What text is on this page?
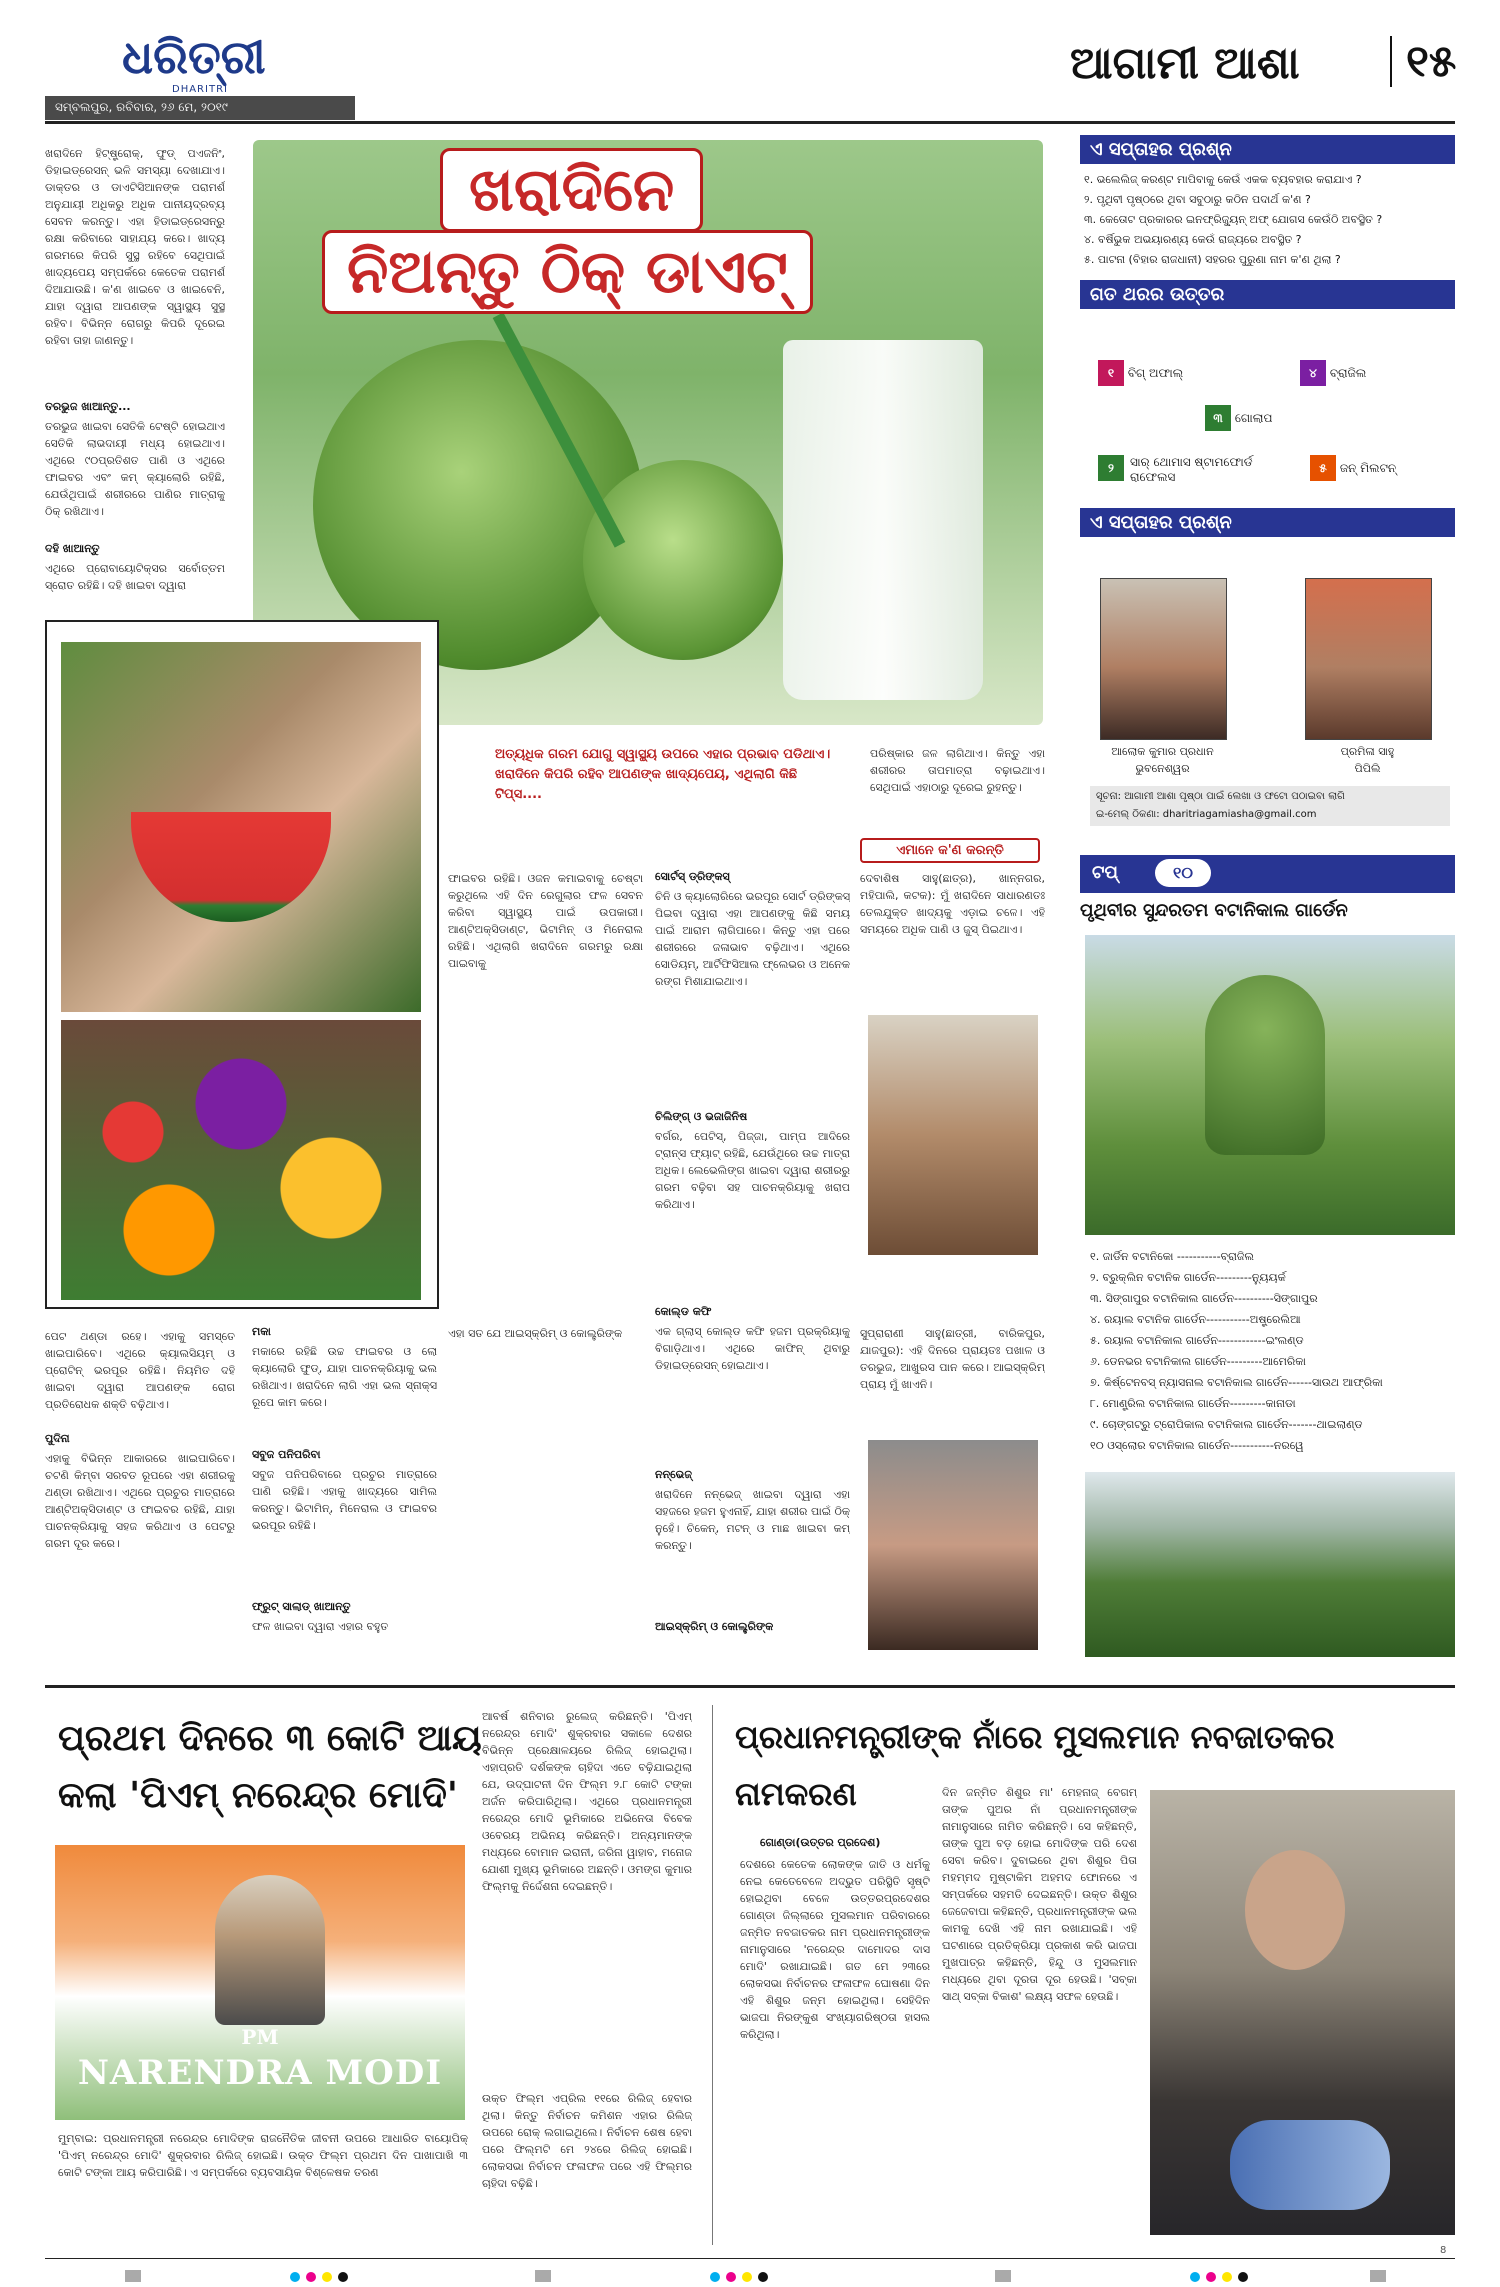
ଧରିତ୍ରୀ
DHARITRI
ସମ୍ବଲପୁର, ରବିବାର, ୨୬ ମେ, ୨୦୧୯
ଆଗାମୀ ଆଶା	୧୫
ଖରାଦିନେ
ନିଅନ୍ତୁ ଠିକ୍ ଡାଏଟ୍
ଖରାଦିନେ ହିଟ୍‌ଷ୍ଟ୍ରୋକ୍, ଫୁଡ୍ ପଏଜନିଂ, ଡିହାଇଡ୍ରେସନ୍ ଭଳି ସମସ୍ୟା ଦେଖାଯାଏ। ଡାକ୍ତର ଓ ଡାଏଟିସିଆନଙ୍କ ପରାମର୍ଶ ଅନୁଯାୟୀ ଅଧିକରୁ ଅଧିକ ପାନୀୟଦ୍ରବ୍ୟ ସେବନ କରନ୍ତୁ। ଏହା ହିଡାଇଡ୍ରେସନ୍‌ରୁ ରକ୍ଷା କରିବାରେ ସାହାଯ୍ୟ କରେ। ଖାଦ୍ୟ ଗରମରେ କିପରି ସୁସ୍ଥ ରହିବେ ସେଥିପାଇଁ ଖାଦ୍ୟପେୟ ସମ୍ପର୍କରେ କେତେକ ପରାମର୍ଶ ଦିଆଯାଉଛି। କ'ଣ ଖାଇବେ ଓ ଖାଇବେନି, ଯାହା ଦ୍ୱାରା ଆପଣଙ୍କ ସ୍ୱାସ୍ଥ୍ୟ ସୁସ୍ଥ ରହିବ। ବିଭିନ୍ନ ରୋଗରୁ କିପରି ଦୂରେଇ ରହିବା ତାହା ଜାଣନ୍ତୁ।
ତରଭୁଜ ଖାଆନ୍ତୁ...
ତରଭୁଜ ଖାଇବା ସେତିକି ଟେଷ୍ଟି ହୋଇଥାଏ ସେତିକି ଲାଭଦାୟୀ ମଧ୍ୟ ହୋଇଥାଏ। ଏଥିରେ ୯୦ପ୍ରତିଶତ ପାଣି ଓ ଏଥିରେ ଫାଇବର ଏବଂ କମ୍ କ୍ୟାଲୋରି ରହିଛି, ଯେଉଁଥିପାଇଁ ଶରୀରରେ ପାଣିର ମାତ୍ରାକୁ ଠିକ୍ ରଖିଥାଏ।
ଦହି ଖାଆନ୍ତୁ
ଏଥିରେ ପ୍ରୋବାୟୋଟିକ୍ସର ସର୍ବୋତ୍ତମ ସ୍ରୋତ ରହିଛି। ଦହି ଖାଇବା ଦ୍ୱାରା
ଅତ୍ୟଧିକ ଗରମ ଯୋଗୁ ସ୍ୱାସ୍ଥ୍ୟ ଉପରେ ଏହାର ପ୍ରଭାବ ପଡିଥାଏ। ଖରାଦିନେ କିପରି ରହିବ ଆପଣଙ୍କ ଖାଦ୍ୟପେୟ, ଏଥିଲାଗି କିଛି ଟିପ୍ସ....
ପରିଷ୍କାର ଜଳ ଲାଗିଥାଏ। କିନ୍ତୁ ଏହା ଶରୀରର ତାପମାତ୍ରା ବଢ଼ାଇଥାଏ। ସେଥିପାଇଁ ଏହାଠାରୁ ଦୂରେଇ ରୁହନ୍ତୁ।
ପେଟ ଥଣ୍ଡା ରହେ। ଏହାକୁ ସମସ୍ତେ ଖାଇପାରିବେ। ଏଥିରେ କ୍ୟାଲସିୟମ୍ ଓ ପ୍ରୋଟିନ୍ ଭରପୂର ରହିଛି। ନିୟମିତ ଦହି ଖାଇବା ଦ୍ୱାରା ଆପଣଙ୍କ ରୋଗ ପ୍ରତିରୋଧକ ଶକ୍ତି ବଢ଼ିଥାଏ।
ପୁଦିନା
ଏହାକୁ ବିଭିନ୍ନ ଆକାରରେ ଖାଇପାରିବେ। ଚଟଣି କିମ୍ବା ସରବତ ରୂପରେ ଏହା ଶରୀରକୁ ଥଣ୍ଡା ରଖିଥାଏ। ଏଥିରେ ପ୍ରଚୁର ମାତ୍ରାରେ ଆଣ୍ଟିଅକ୍ସିଡାଣ୍ଟ ଓ ଫାଇବର ରହିଛି, ଯାହା ପାଚନକ୍ରିୟାକୁ ସହଜ କରିଥାଏ ଓ ପେଟରୁ ଗରମ ଦୂର କରେ।
ଫାଇବର ରହିଛି। ଓଜନ କମାଇବାକୁ ଚେଷ୍ଟା କରୁଥିଲେ ଏହି ଦିନ ରେଗୁଲାର ଫଳ ସେବନ କରିବା ସ୍ୱାସ୍ଥ୍ୟ ପାଇଁ ଉପକାରୀ। ଆଣ୍ଟିଅକ୍ସିଡାଣ୍ଟ, ଭିଟାମିନ୍ ଓ ମିନେରାଲ ରହିଛି। ଏଥିଲାଗି ଖରାଦିନେ ଗରମରୁ ରକ୍ଷା ପାଇବାକୁ
ମକା
ମକାରେ ରହିଛି ଉଚ୍ଚ ଫାଇବର ଓ ଲୋ କ୍ୟାଲୋରି ଫୁଡ୍, ଯାହା ପାଚନକ୍ରିୟାକୁ ଭଲ ରଖିଥାଏ। ଖରାଦିନେ ଲାଗି ଏହା ଭଲ ସ୍ନାକ୍ସ ରୂପେ କାମ କରେ।
ସବୁଜ ପନିପରିବା
ସବୁଜ ପନିପରିବାରେ ପ୍ରଚୁର ମାତ୍ରାରେ ପାଣି ରହିଛି। ଏହାକୁ ଖାଦ୍ୟରେ ସାମିଲ କରନ୍ତୁ। ଭିଟାମିନ୍, ମିନେରାଲ ଓ ଫାଇବର ଭରପୂର ରହିଛି।
ଫ୍ରୁଟ୍ ସାଲାଡ୍ ଖାଆନ୍ତୁ
ଫଳ ଖାଇବା ଦ୍ୱାରା ଏହାର ବହୁତ
ଏହା ସତ ଯେ ଆଇସ୍‌କ୍ରିମ୍ ଓ କୋଲ୍ଡ୍ରିଙ୍କ
ସୋର୍ଟସ୍ ଡ୍ରିଙ୍କସ୍
ଚିନି ଓ କ୍ୟାଲୋରିରେ ଭରପୂର ସୋର୍ଟ ଡ୍ରିଙ୍କସ୍ ପିଇବା ଦ୍ୱାରା ଏହା ଆପଣଙ୍କୁ କିଛି ସମୟ ପାଇଁ ଆରାମ ଲାଗିପାରେ। କିନ୍ତୁ ଏହା ପରେ ଶରୀରରେ ଜଳାଭାବ ବଢ଼ିଥାଏ। ଏଥିରେ ସୋଡିୟମ୍, ଆର୍ଟିଫିସିଆଲ ଫ୍ଲେଭର ଓ ଅନେକ ରଙ୍ଗ ମିଶାଯାଇଥାଏ।
ଚିଲିଙ୍ଗ୍ ଓ ଭଜାଜିନିଷ
ବର୍ଗର, ପେଟିସ୍, ପିଜ୍ଜା, ପାମ୍ପ ଆଦିରେ ଟ୍ରାନ୍ସ ଫ୍ୟାଟ୍ ରହିଛି, ଯେଉଁଥିରେ ଉଚ୍ଚ ମାତ୍ରା ଅଧିକ। ଲେଭେଲିଙ୍ଗ ଖାଇବା ଦ୍ୱାରା ଶରୀରରୁ ଗରମ ବଢ଼ିବା ସହ ପାଚନକ୍ରିୟାକୁ ଖରାପ କରିଥାଏ।
କୋଲ୍ଡ କଫି
ଏକ ଗ୍ଲାସ୍ କୋଲ୍ଡ କଫି ହଜମ ପ୍ରକ୍ରିୟାକୁ ବିଗାଡ଼ିଥାଏ। ଏଥିରେ କାଫିନ୍ ଥିବାରୁ ଡିହାଇଡ୍ରେସନ୍ ହୋଇଥାଏ।
ନନ୍‌ଭେଜ୍
ଖରାଦିନେ ନନ୍‌ଭେଜ୍ ଖାଇବା ଦ୍ୱାରା ଏହା ସହଜରେ ହଜମ ହୁଏନାହିଁ, ଯାହା ଶରୀର ପାଇଁ ଠିକ୍ ନୁହେଁ। ଚିକେନ୍, ମଟନ୍ ଓ ମାଛ ଖାଇବା କମ୍ କରନ୍ତୁ।
ଆଇସ୍‌କ୍ରିମ୍ ଓ କୋଲ୍ଡ୍ରିଙ୍କ
ଏମାନେ କ'ଣ କରନ୍ତି
ଦେବାଶିଷ ସାହୁ(ଛାତ୍ର), ଖାନ୍‌ନଗର, ମହିପାଲି, କଟକ): ମୁଁ ଖରାଦିନେ ସାଧାରଣତଃ ତେଲଯୁକ୍ତ ଖାଦ୍ୟକୁ ଏଡ଼ାଇ ଚଳେ। ଏହି ସମୟରେ ଅଧିକ ପାଣି ଓ ଜୁସ୍ ପିଇଥାଏ।
ସୁପ୍ରାରାଣୀ ସାହୁ(ଛାତ୍ରୀ, ବାରିକପୁର, ଯାଜପୁର): ଏହି ଦିନରେ ପ୍ରାୟତଃ ପଖାଳ ଓ ତରଭୁଜ, ଆଖୁରସ ପାନ କରେ। ଆଇସ୍‌କ୍ରିମ୍ ପ୍ରାୟ ମୁଁ ଖାଏନି।
ଏ ସପ୍ତାହର ପ୍ରଶ୍ନ
୧. ଭଲେଲିଜ୍ କରଣ୍ଟ ମାପିବାକୁ କେଉଁ ଏକକ ବ୍ୟବହାର କରାଯାଏ ?
୨. ପୃଥିବୀ ପୃଷ୍ଠରେ ଥିବା ସବୁଠାରୁ କଠିନ ପଦାର୍ଥ କ'ଣ ?
୩. କେତୋଟ ପ୍ରକାରର ଇନଫ୍ରିଜ୍ୟୁନ୍ ଅଫ୍ ଯୋଗସ କେଉଁଠି ଅବସ୍ଥିତ ?
୪. ବର୍ଷିଭୁକ ଅଭୟାରଣ୍ୟ କେଉଁ ରାଜ୍ୟରେ ଅବସ୍ଥିତ ?
୫. ପାଟନା (ବିହାର ରାଜଧାନୀ) ସହରର ପୁରୁଣା ନାମ କ'ଣ ଥିଲା ?
ଗତ ଥରର ଉତ୍ତର
୧ ବିଗ୍ ଅଫାଲ୍	୪ ବ୍ରାଜିଲ
୩ ଗୋଲାପ
୨	ସାର୍ ଥୋମାସ ଷ୍ଟାମଫୋର୍ଡ ରାଫେଲସ
୫ ଜନ୍ ମିଲଟନ୍
ଏ ସପ୍ତାହର ପ୍ରଶ୍ନ
ଆଲୋକ କୁମାର ପ୍ରଧାନ
ଭୁବନେଶ୍ୱର
ପ୍ରମିଳା ସାହୁ
ପିପିଲି
ସୂଚନା: ଆଗାମୀ ଆଶା ପୃଷ୍ଠା ପାଇଁ ଲେଖା ଓ ଫଟୋ ପଠାଇବା ଲାଗି
ଇ-ମେଲ୍ ଠିକଣା: dharitriagamiasha@gmail.com
ଟପ୍	୧୦
ପୃଥିବୀର ସୁନ୍ଦରତମ ବଟାନିକାଲ ଗାର୍ଡେନ
୧. ଜାର୍ଡିନ ବଟାନିକୋ -----------ବ୍ରାଜିଲ
୨. ବ୍ରୁକ୍‌ଲିନ ବଟାନିକ ଗାର୍ଡେନ---------ନ୍ୟୁୟର୍କ
୩. ସିଙ୍ଗାପୁର ବଟାନିକାଲ ଗାର୍ଡେନ----------ସିଙ୍ଗାପୁର
୪. ରୟାଲ ବଟାନିକ ଗାର୍ଡେନ-----------ଅଷ୍ଟ୍ରେଲିଆ
୫. ରୟାଲ ବଟାନିକାଲ ଗାର୍ଡେନ------------ଇଂଲଣ୍ଡ
୬. ଡେନଭର ବଟାନିକାଲ ଗାର୍ଡେନ---------ଆମେରିକା
୭. କିର୍ଷ୍ଟେନବସ୍ ନ୍ୟାସନାଲ ବଟାନିକାଲ ଗାର୍ଡେନ------ସାଉଥ ଆଫ୍ରିକା
୮. ମୋଣ୍ଟ୍ରିଲ ବଟାନିକାଲ ଗାର୍ଡେନ---------କାନାଡା
୯. ଚୋଙ୍ଗଟ୍ରୁ ଟ୍ରୋପିକାଲ ବଟାନିକାଲ ଗାର୍ଡେନ-------ଥାଇଲାଣ୍ଡ
୧୦ ଓସ୍ଲୋର ବଟାନିକାଲ ଗାର୍ଡେନ-----------ନରୱେ
ପ୍ରଥମ ଦିନରେ ୩ କୋଟି ଆୟ
କଲା 'ପିଏମ୍ ନରେନ୍ଦ୍ର ମୋଦି'
PM
NARENDRA MODI
ଆବର୍ଷ ଶନିବାର ରୁଲେଜ୍ କରିଛନ୍ତି। 'ପିଏମ୍ ନରେନ୍ଦ୍ର ମୋଦି' ଶୁକ୍ରବାର ସକାଳେ ଦେଶର ବିଭିନ୍ନ ପ୍ରେକ୍ଷାଳୟରେ ରିଲିଜ୍ ହୋଇଥିଲା। ଏହାପ୍ରତି ଦର୍ଶକଙ୍କ ଚାହିଦା ଏତେ ବଢ଼ିଯାଇଥିଲା ଯେ, ଉଦ୍‌ଘାଟନୀ ଦିନ ଫିଲ୍ମ ୨.୮ କୋଟି ଟଙ୍କା ଅର୍ଜନ କରିପାରିଥିଲା। ଏଥିରେ ପ୍ରଧାନମନ୍ତ୍ରୀ ନରେନ୍ଦ୍ର ମୋଦି ଭୂମିକାରେ ଅଭିନେତା ବିବେକ ଓବେରୟ ଅଭିନୟ କରିଛନ୍ତି। ଅନ୍ୟମାନଙ୍କ ମଧ୍ୟରେ ବୋମାନ ଇରାନୀ, ଜରିନା ୱାହାବ, ମନୋଜ ଯୋଶୀ ମୁଖ୍ୟ ଭୂମିକାରେ ଅଛନ୍ତି। ଓମଙ୍ଗ କୁମାର ଫିଲ୍ମକୁ ନିର୍ଦ୍ଦେଶନା ଦେଇଛନ୍ତି।
ଉକ୍ତ ଫିଲ୍ମ ଏପ୍ରିଲ ୧୧ରେ ରିଲିଜ୍ ହେବାର ଥିଲା। କିନ୍ତୁ ନିର୍ବାଚନ କମିଶନ ଏହାର ରିଲିଜ୍ ଉପରେ ରୋକ୍ ଲଗାଇଥିଲେ। ନିର୍ବାଚନ ଶେଷ ହେବା ପରେ ଫିଲ୍ମଟି ମେ ୨୪ରେ ରିଲିଜ୍ ହୋଇଛି। ଲୋକସଭା ନିର୍ବାଚନ ଫଳାଫଳ ପରେ ଏହି ଫିଲ୍ମର ଚାହିଦା ବଢ଼ିଛି।
ମୁମ୍ବାଇ: ପ୍ରଧାନମନ୍ତ୍ରୀ ନରେନ୍ଦ୍ର ମୋଦିଙ୍କ ରାଜନୈତିକ ଜୀବନୀ ଉପରେ ଆଧାରିତ ବାୟୋପିକ୍ 'ପିଏମ୍ ନରେନ୍ଦ୍ର ମୋଦି' ଶୁକ୍ରବାର ରିଲିଜ୍ ହୋଇଛି। ଉକ୍ତ ଫିଲ୍ମ ପ୍ରଥମ ଦିନ ପାଖାପାଖି ୩ କୋଟି ଟଙ୍କା ଆୟ କରିପାରିଛି। ଏ ସମ୍ପର୍କରେ ବ୍ୟବସାୟିକ ବିଶ୍ଳେଷକ ତରଣ
ପ୍ରଧାନମନ୍ତ୍ରୀଙ୍କ ନାଁରେ ମୁସଲମାନ ନବଜାତକର
ନାମକରଣ
ଗୋଣ୍ଡା(ଉତ୍ତର ପ୍ରଦେଶ)
ଦେଶରେ କେତେକ ଲୋକଙ୍କ ଜାତି ଓ ଧର୍ମକୁ ନେଇ କେତେବେଳେ ଅଦ୍ଭୁତ ପରିସ୍ଥିତି ସୃଷ୍ଟି ହୋଇଥିବା ବେଳେ ଉତ୍ତରପ୍ରଦେଶର ଗୋଣ୍ଡା ଜିଲ୍ଲାରେ ମୁସଲମାନ ପରିବାରରେ ଜନ୍ମିତ ନବଜାତକର ନାମ ପ୍ରଧାନମନ୍ତ୍ରୀଙ୍କ ନାମାନୁସାରେ 'ନରେନ୍ଦ୍ର ଦାମୋଦର ଦାସ ମୋଦି' ରଖାଯାଇଛି। ଗତ ମେ ୨୩ରେ ଲୋକସଭା ନିର୍ବାଚନର ଫଳାଫଳ ଘୋଷଣା ଦିନ ଏହି ଶିଶୁର ଜନ୍ମ ହୋଇଥିଲା। ସେହିଦିନ ଭାଜପା ନିରଙ୍କୁଶ ସଂଖ୍ୟାଗରିଷ୍ଠତା ହାସଲ କରିଥିଲା।
ଦିନ ଜନ୍ମିତ ଶିଶୁର ମା' ମେହନାଜ୍ ବେଗମ୍ ତାଙ୍କ ପୁଅର ନାଁ ପ୍ରଧାନମନ୍ତ୍ରୀଙ୍କ ନାମାନୁସାରେ ନାମିତ କରିଛନ୍ତି। ସେ କହିଛନ୍ତି, ତାଙ୍କ ପୁଅ ବଡ଼ ହୋଇ ମୋଦିଙ୍କ ପରି ଦେଶ ସେବା କରିବ। ଦୁବାଇରେ ଥିବା ଶିଶୁର ପିତା ମହମ୍ମଦ ମୁଷ୍ଟାକିମ ଅହମଦ ଫୋନରେ ଏ ସମ୍ପର୍କରେ ସହମତି ଦେଇଛନ୍ତି। ଉକ୍ତ ଶିଶୁର ଜେଜେବାପା କହିଛନ୍ତି, ପ୍ରଧାନମନ୍ତ୍ରୀଙ୍କ ଭଲ କାମକୁ ଦେଖି ଏହି ନାମ ରଖାଯାଇଛି। ଏହି ଘଟଣାରେ ପ୍ରତିକ୍ରିୟା ପ୍ରକାଶ କରି ଭାଜପା ମୁଖପାତ୍ର କହିଛନ୍ତି, ହିନ୍ଦୁ ଓ ମୁସଲମାନ ମଧ୍ୟରେ ଥିବା ଦୂରତା ଦୂର ହେଉଛି। 'ସବ୍‌କା ସାଥ୍ ସବ୍‌କା ବିକାଶ' ଲକ୍ଷ୍ୟ ସଫଳ ହେଉଛି।
8
